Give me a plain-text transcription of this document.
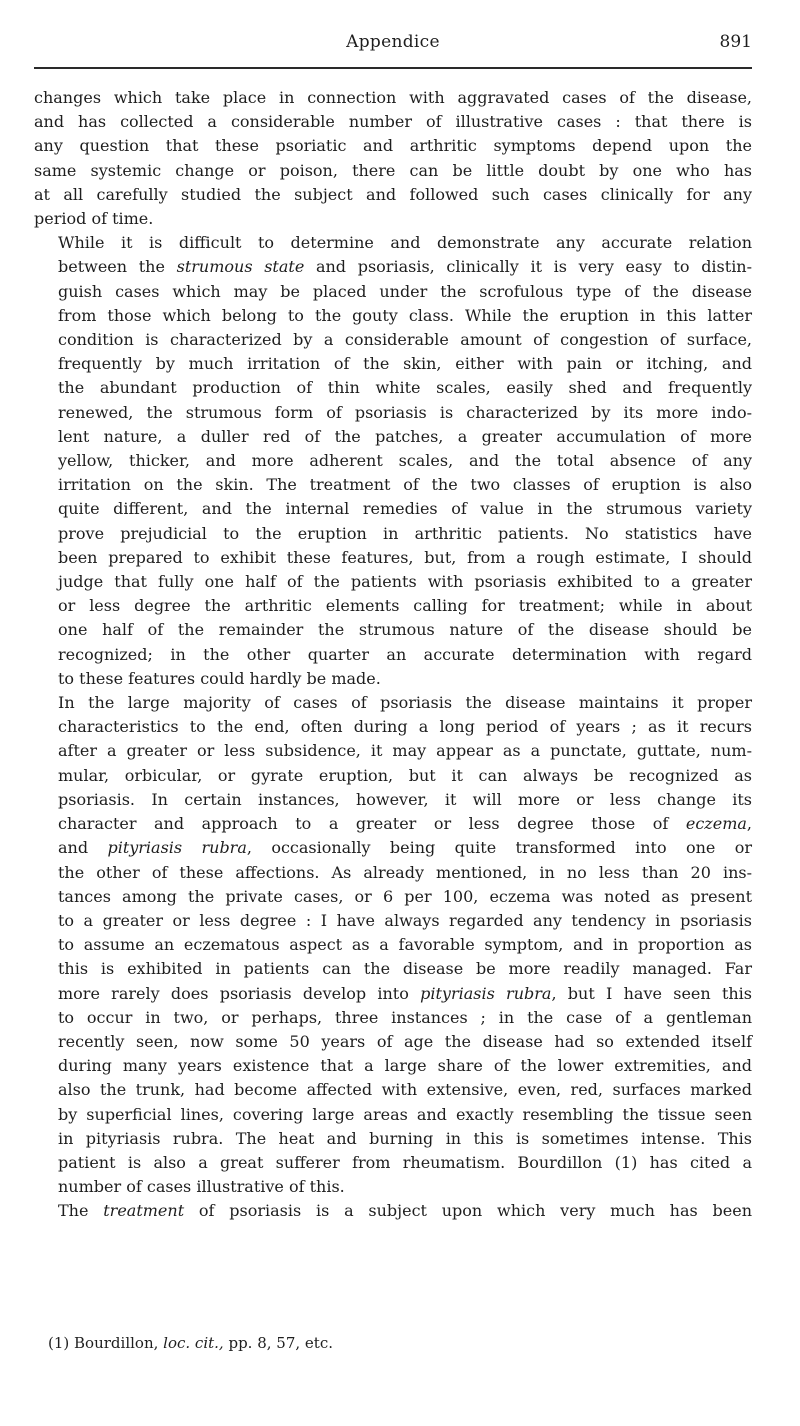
Appendice	891
changes which take place in connection with aggravated cases of the disease,
and has collected a considerable number of illustrative cases : that there is
any question that these psoriatic and arthritic symptoms depend upon the
same systemic change or poison, there can be little doubt by one who has
at all carefully studied the subject and followed such cases clinically for any
period of time.
While it is difficult to determine and demonstrate any accurate relation
between the strumous state and psoriasis, clinically it is very easy to distin-
guish cases which may be placed under the scrofulous type of the disease
from those which belong to the gouty class. While the eruption in this latter
condition is characterized by a considerable amount of congestion of surface,
frequently by much irritation of the skin, either with pain or itching, and
the abundant production of thin white scales, easily shed and frequently
renewed, the strumous form of psoriasis is characterized by its more indo-
lent nature, a duller red of the patches, a greater accumulation of more
yellow, thicker, and more adherent scales, and the total absence of any
irritation on the skin. The treatment of the two classes of eruption is also
quite different, and the internal remedies of value in the strumous variety
prove prejudicial to the eruption in arthritic patients. No statistics have
been prepared to exhibit these features, but, from a rough estimate, I should
judge that fully one half of the patients with psoriasis exhibited to a greater
or less degree the arthritic elements calling for treatment; while in about
one half of the remainder the strumous nature of the disease should be
recognized; in the other quarter an accurate determination with regard
to these features could hardly be made.
In the large majority of cases of psoriasis the disease maintains it proper
characteristics to the end, often during a long period of years ; as it recurs
after a greater or less subsidence, it may appear as a punctate, guttate, num-
mular, orbicular, or gyrate eruption, but it can always be recognized as
psoriasis. In certain instances, however, it will more or less change its
character and approach to a greater or less degree those of eczema,
and pityriasis rubra, occasionally being quite transformed into one or
the other of these affections. As already mentioned, in no less than 20 ins-
tances among the private cases, or 6 per 100, eczema was noted as present
to a greater or less degree : I have always regarded any tendency in psoriasis
to assume an eczematous aspect as a favorable symptom, and in proportion as
this is exhibited in patients can the disease be more readily managed. Far
more rarely does psoriasis develop into pityriasis rubra, but I have seen this
to occur in two, or perhaps, three instances ; in the case of a gentleman
recently seen, now some 50 years of age the disease had so extended itself
during many years existence that a large share of the lower extremities, and
also the trunk, had become affected with extensive, even, red, surfaces marked
by superficial lines, covering large areas and exactly resembling the tissue seen
in pityriasis rubra. The heat and burning in this is sometimes intense. This
patient is also a great sufferer from rheumatism. Bourdillon (1) has cited a
number of cases illustrative of this.
The treatment of psoriasis is a subject upon which very much has been
(1) Bourdillon, loc. cit., pp. 8, 57, etc.
